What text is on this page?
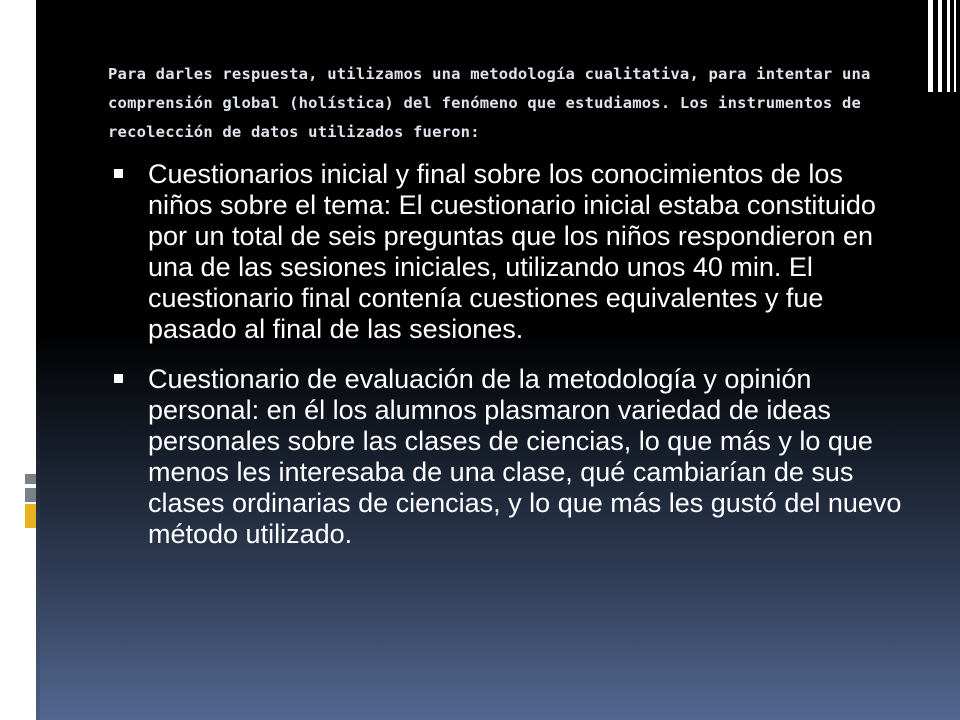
Para darles respuesta, utilizamos una metodología cualitativa, para intentar una comprensión global (holística) del fenómeno que estudiamos. Los instrumentos de recolección de datos utilizados fueron:

Cuestionarios inicial y final sobre los conocimientos de los niños sobre el tema: El cuestionario inicial estaba constituido por un total de seis preguntas que los niños respondieron en una de las sesiones iniciales, utilizando unos 40 min. El cuestionario final contenía cuestiones equivalentes y fue pasado al final de las sesiones.
Cuestionario de evaluación de la metodología y opinión personal: en él los alumnos plasmaron variedad de ideas personales sobre las clases de ciencias, lo que más y lo que menos les interesaba de una clase, qué cambiarían de sus clases ordinarias de ciencias, y lo que más les gustó del nuevo método utilizado.
